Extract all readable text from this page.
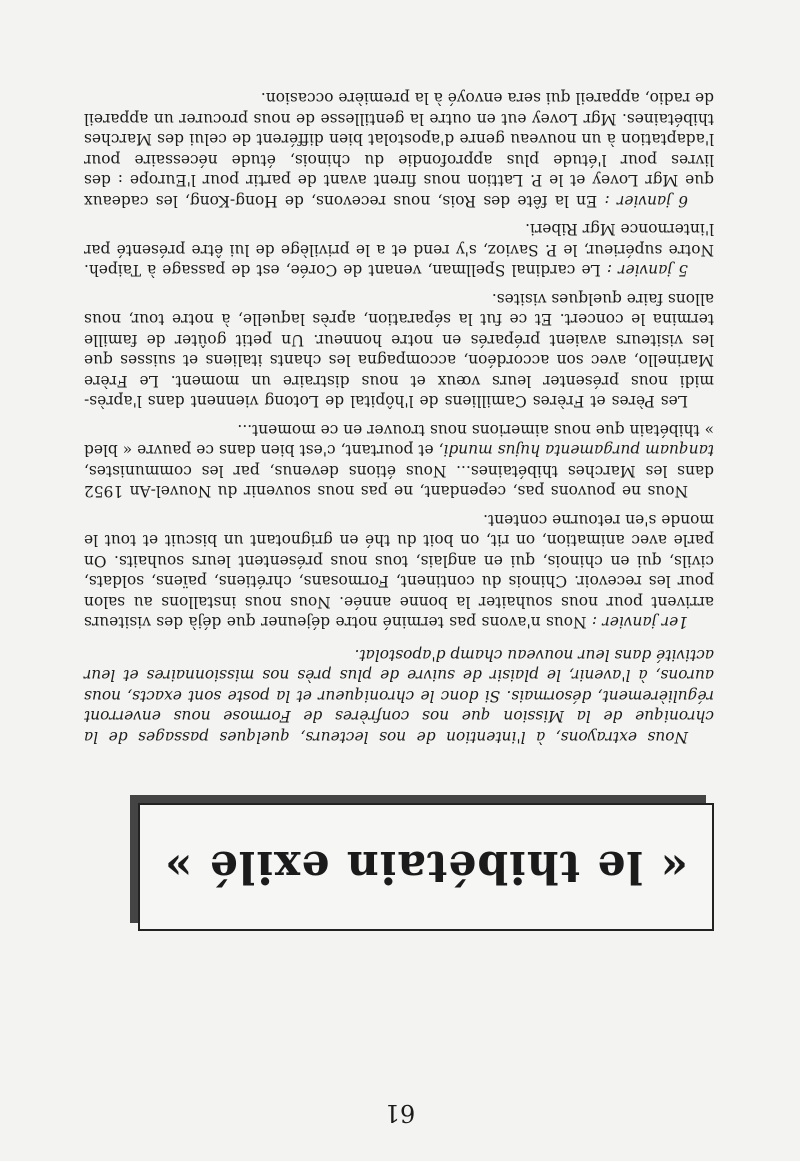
« le thibétain exilé »

Nous extrayons, à l'intention de nos lecteurs, quelques passages de la chronique de la Mission que nos confrères de Formose nous enverront régulièrement, désormais. Si donc le chroniqueur et la poste sont exacts, nous aurons, à l'avenir, le plaisir de suivre de plus près nos missionnaires et leur activité dans leur nouveau champ d'apostolat.

1er janvier : Nous n'avons pas terminé notre déjeuner que déjà des visiteurs arrivent pour nous souhaiter la bonne année. Nous nous installons au salon pour les recevoir. Chinois du continent, Formosans, chrétiens, païens, soldats, civils, qui en chinois, qui en anglais, tous nous présentent leurs souhaits. On parle avec animation, on rit, on boit du thé en grignotant un biscuit et tout le monde s'en retourne content.

Nous ne pouvons pas, cependant, ne pas nous souvenir du Nouvel-An 1952 dans les Marches thibétaines... Nous étions devenus, par les communistes, tanquam purgamenta hujus mundi, et pourtant, c'est bien dans ce pauvre « bled » thibétain que nous aimerions nous trouver en ce moment...

Les Pères et Frères Camilliens de l'hôpital de Lotong viennent dans l'après-midi nous présenter leurs vœux et nous distraire un moment. Le Frère Marinello, avec son accordéon, accompagna les chants italiens et suisses que les visiteurs avaient préparés en notre honneur. Un petit goûter de famille termina le concert. Et ce fut la séparation, après laquelle, à notre tour, nous allons faire quelques visites.

5 janvier : Le cardinal Spellman, venant de Corée, est de passage à Taipeh. Notre supérieur, le P. Savioz, s'y rend et a le privilège de lui être présenté par l'internonce Mgr Riberi.

6 janvier : En la fête des Rois, nous recevons, de Hong-Kong, les cadeaux que Mgr Lovey et le P. Lattion nous firent avant de partir pour l'Europe : des livres pour l'étude plus approfondie du chinois, étude nécessaire pour l'adaptation à un nouveau genre d'apostolat bien différent de celui des Marches thibétaines. Mgr Lovey eut en outre la gentillesse de nous procurer un appareil de radio, appareil qui sera envoyé à la première occasion.

61
